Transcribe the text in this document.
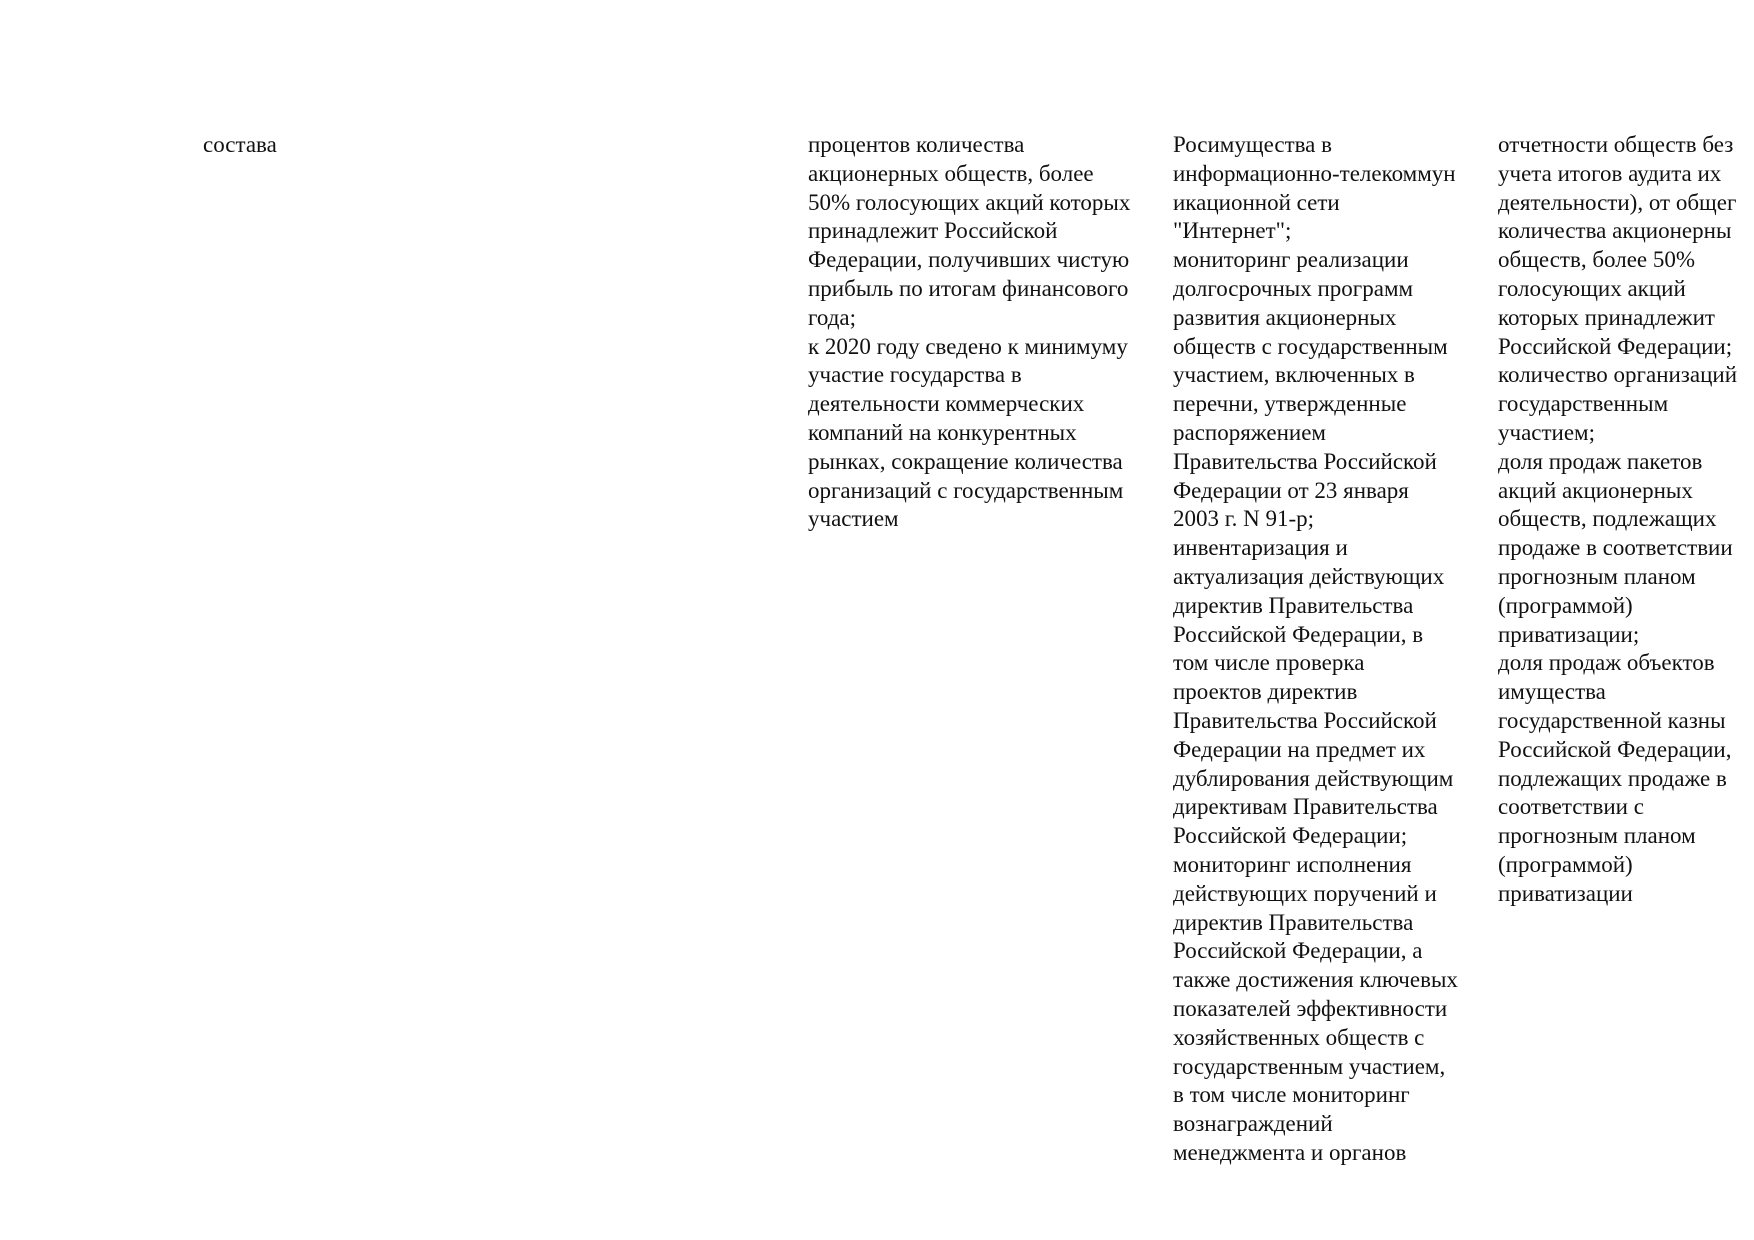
состава	процентов количества
акционерных обществ, более
50% голосующих акций которых
принадлежит Российской
Федерации, получивших чистую
прибыль по итогам финансового
года;
к 2020 году сведено к минимуму
участие государства в
деятельности коммерческих
компаний на конкурентных
рынках, сокращение количества
организаций с государственным
участием
Росимущества в
информационно-телекоммун
икационной сети
"Интернет";
мониторинг реализации
долгосрочных программ
развития акционерных
обществ с государственным
участием, включенных в
перечни, утвержденные
распоряжением
Правительства Российской
Федерации от 23 января
2003 г. N 91-р;
инвентаризация и
актуализация действующих
директив Правительства
Российской Федерации, в
том числе проверка
проектов директив
Правительства Российской
Федерации на предмет их
дублирования действующим
директивам Правительства
Российской Федерации;
мониторинг исполнения
действующих поручений и
директив Правительства
Российской Федерации, а
также достижения ключевых
показателей эффективности
хозяйственных обществ с
государственным участием,
в том числе мониторинг
вознаграждений
менеджмента и органов
отчетности обществ без
учета итогов аудита их
деятельности), от общег
количества акционерны
обществ, более 50%
голосующих акций
которых принадлежит
Российской Федерации;
количество организаций
государственным
участием;
доля продаж пакетов
акций акционерных
обществ, подлежащих
продаже в соответствии
прогнозным планом
(программой)
приватизации;
доля продаж объектов
имущества
государственной казны
Российской Федерации,
подлежащих продаже в
соответствии с
прогнозным планом
(программой)
приватизации
